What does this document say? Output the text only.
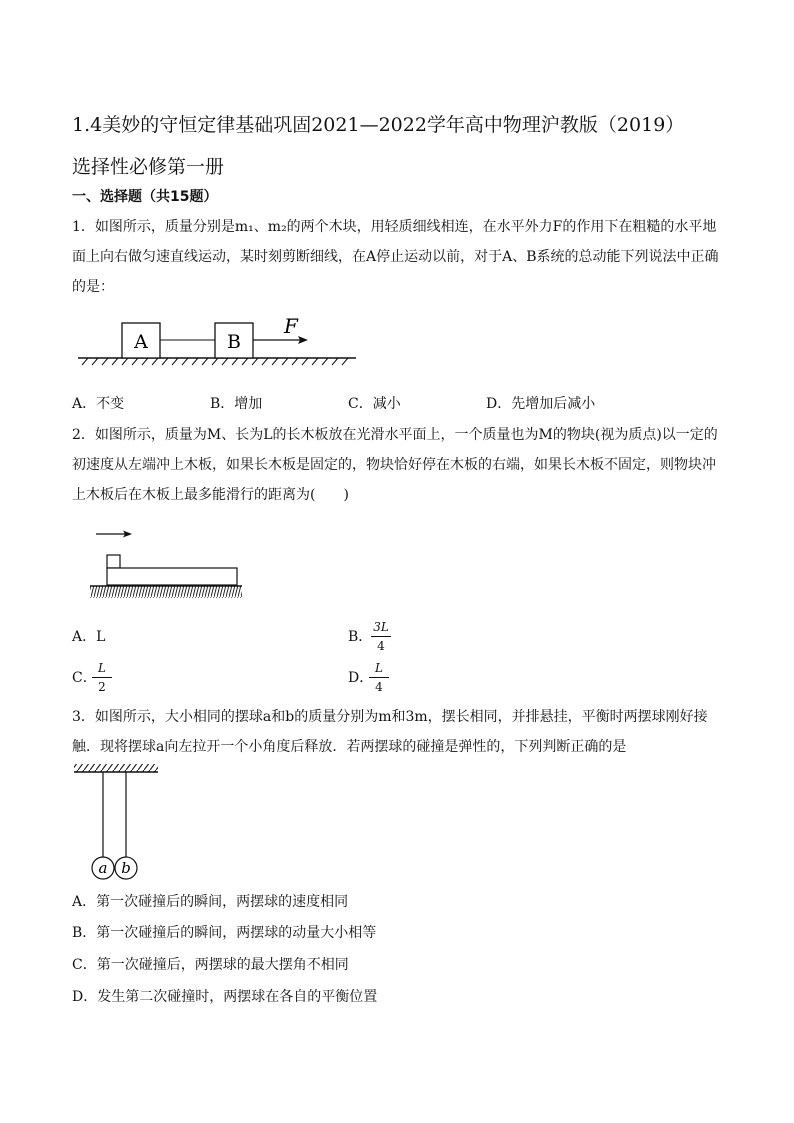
1.4美妙的守恒定律基础巩固2021—2022学年高中物理沪教版（2019）
选择性必修第一册
一、选择题（共15题）
1．如图所示，质量分别是m₁、m₂的两个木块，用轻质细线相连，在水平外力F的作用下在粗糙的水平地
面上向右做匀速直线运动，某时刻剪断细线，在A停止运动以前，对于A、B系统的总动能下列说法中正确
的是：
A	B
F
A．不变	B．增加	C．减小	D．先增加后减小
2．如图所示，质量为M、长为L的长木板放在光滑水平面上，一个质量也为M的物块(视为质点)以一定的
初速度从左端冲上木板，如果长木板是固定的，物块恰好停在木板的右端，如果长木板不固定，则物块冲
上木板后在木板上最多能滑行的距离为(　　)
A．L	B．
3L
4
C．
L
2
D．
L
4
3．如图所示，大小相同的摆球a和b的质量分别为m和3m，摆长相同，并排悬挂，平衡时两摆球刚好接
触．现将摆球a向左拉开一个小角度后释放．若两摆球的碰撞是弹性的，下列判断正确的是
a b
A．第一次碰撞后的瞬间，两摆球的速度相同
B．第一次碰撞后的瞬间，两摆球的动量大小相等
C．第一次碰撞后，两摆球的最大摆角不相同
D．发生第二次碰撞时，两摆球在各自的平衡位置
